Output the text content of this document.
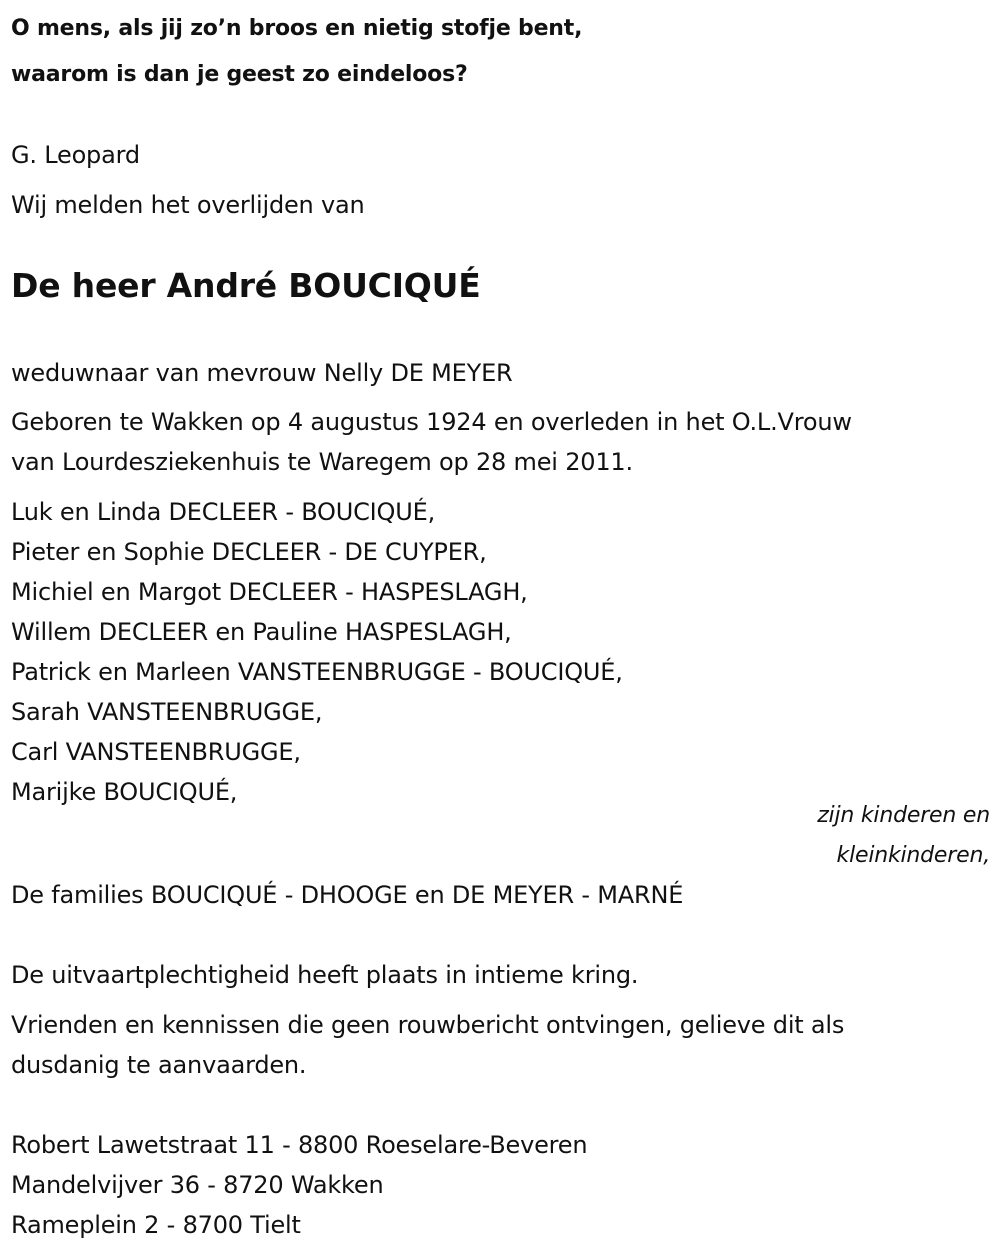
O mens, als jij zo’n broos en nietig stofje bent,
waarom is dan je geest zo eindeloos?
G. Leopard
Wij melden het overlijden van
De heer André BOUCIQUÉ
weduwnaar van mevrouw Nelly DE MEYER
Geboren te Wakken op 4 augustus 1924 en overleden in het O.L.Vrouw
van Lourdesziekenhuis te Waregem op 28 mei 2011.
Luk en Linda DECLEER - BOUCIQUÉ,
Pieter en Sophie DECLEER - DE CUYPER,
Michiel en Margot DECLEER - HASPESLAGH,
Willem DECLEER en Pauline HASPESLAGH,
Patrick en Marleen VANSTEENBRUGGE - BOUCIQUÉ,
Sarah VANSTEENBRUGGE,
Carl VANSTEENBRUGGE,
Marijke BOUCIQUÉ,
zijn kinderen en
kleinkinderen,
De families BOUCIQUÉ - DHOOGE en DE MEYER - MARNÉ
De uitvaartplechtigheid heeft plaats in intieme kring.
Vrienden en kennissen die geen rouwbericht ontvingen, gelieve dit als
dusdanig te aanvaarden.
Robert Lawetstraat 11 - 8800 Roeselare-Beveren
Mandelvijver 36 - 8720 Wakken
Rameplein 2 - 8700 Tielt
